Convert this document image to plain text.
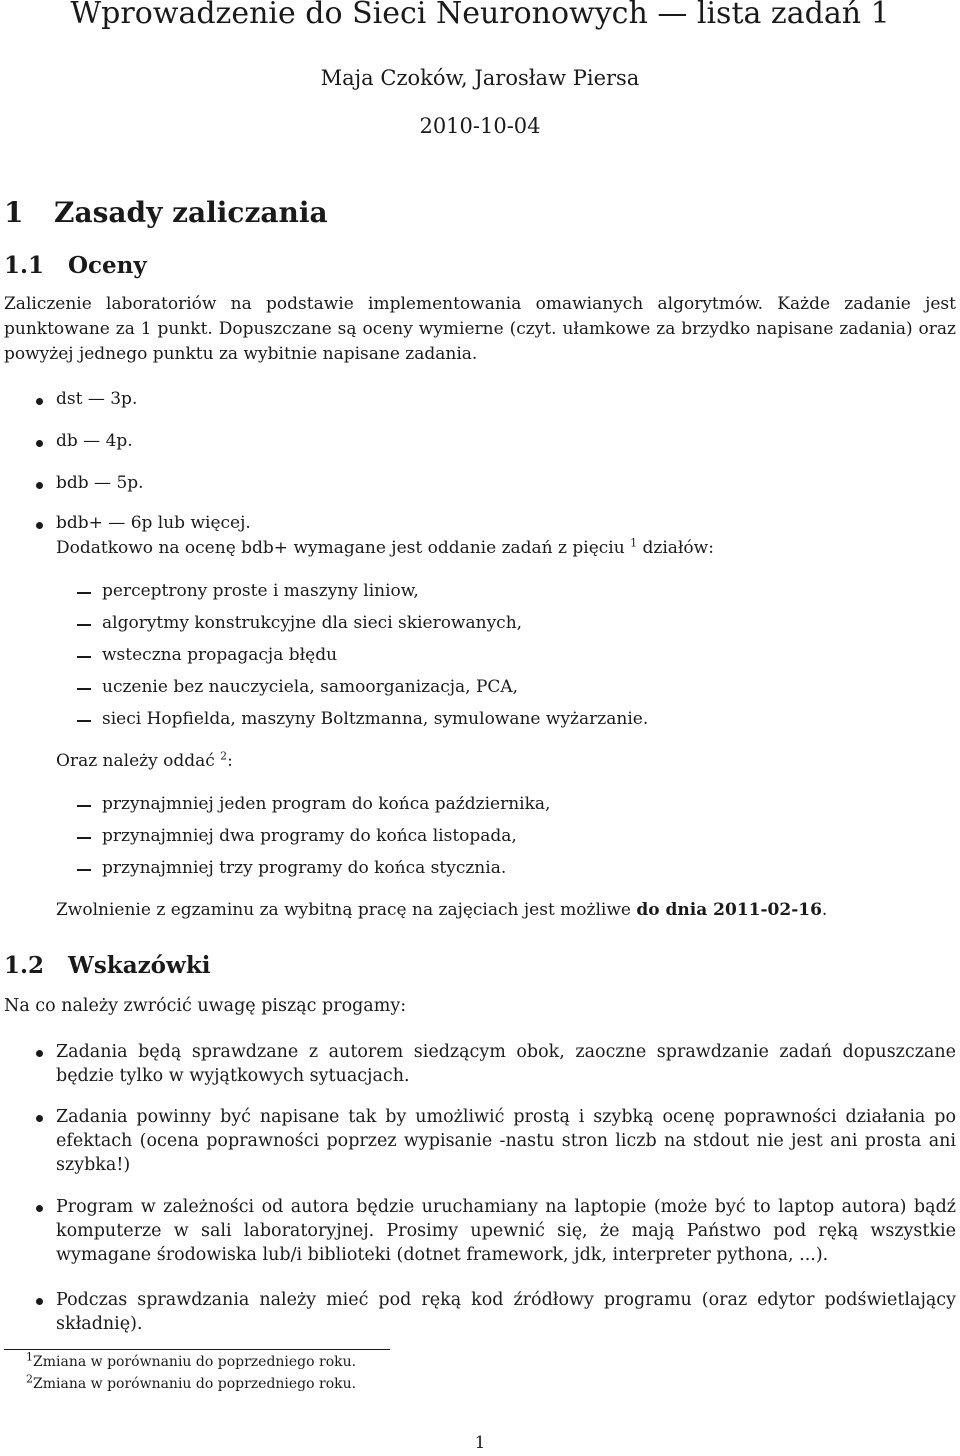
Wprowadzenie do Sieci Neuronowych — lista zadań 1
Maja Czoków, Jarosław Piersa
2010-10-04
1 Zasady zaliczania
1.1 Oceny
Zaliczenie laboratoriów na podstawie implementowania omawianych algorytmów. Każde zadanie jest punktowane za 1 punkt. Dopuszczane są oceny wymierne (czyt. ułamkowe za brzydko napisane zadania) oraz powyżej jednego punktu za wybitnie napisane zadania.
dst — 3p.
db — 4p.
bdb — 5p.
bdb+ — 6p lub więcej.
Dodatkowo na ocenę bdb+ wymagane jest oddanie zadań z pięciu $^1$ działów:
perceptrony proste i maszyny liniow,
algorytmy konstrukcyjne dla sieci skierowanych,
wsteczna propagacja błędu
uczenie bez nauczyciela, samoorganizacja, PCA,
sieci Hopfielda, maszyny Boltzmanna, symulowane wyżarzanie.
Oraz należy oddać $^2$:
przynajmniej jeden program do końca października,
przynajmniej dwa programy do końca listopada,
przynajmniej trzy programy do końca stycznia.
Zwolnienie z egzaminu za wybitną pracę na zajęciach jest możliwe do dnia 2011-02-16.
1.2 Wskazówki
Na co należy zwrócić uwagę pisząc progamy:
Zadania będą sprawdzane z autorem siedzącym obok, zaoczne sprawdzanie zadań dopuszczane będzie tylko w wyjątkowych sytuacjach.
Zadania powinny być napisane tak by umożliwić prostą i szybką ocenę poprawności działania po efektach (ocena poprawności poprzez wypisanie -nastu stron liczb na stdout nie jest ani prosta ani szybka!)
Program w zależności od autora będzie uruchamiany na laptopie (może być to laptop autora) bądź komputerze w sali laboratoryjnej. Prosimy upewnić się, że mają Państwo pod ręką wszystkie wymagane środowiska lub/i biblioteki (dotnet framework, jdk, interpreter pythona, ...).
Podczas sprawdzania należy mieć pod ręką kod źródłowy programu (oraz edytor podświetlający składnię).
$^1$Zmiana w porównaniu do poprzedniego roku.
$^2$Zmiana w porównaniu do poprzedniego roku.
1
